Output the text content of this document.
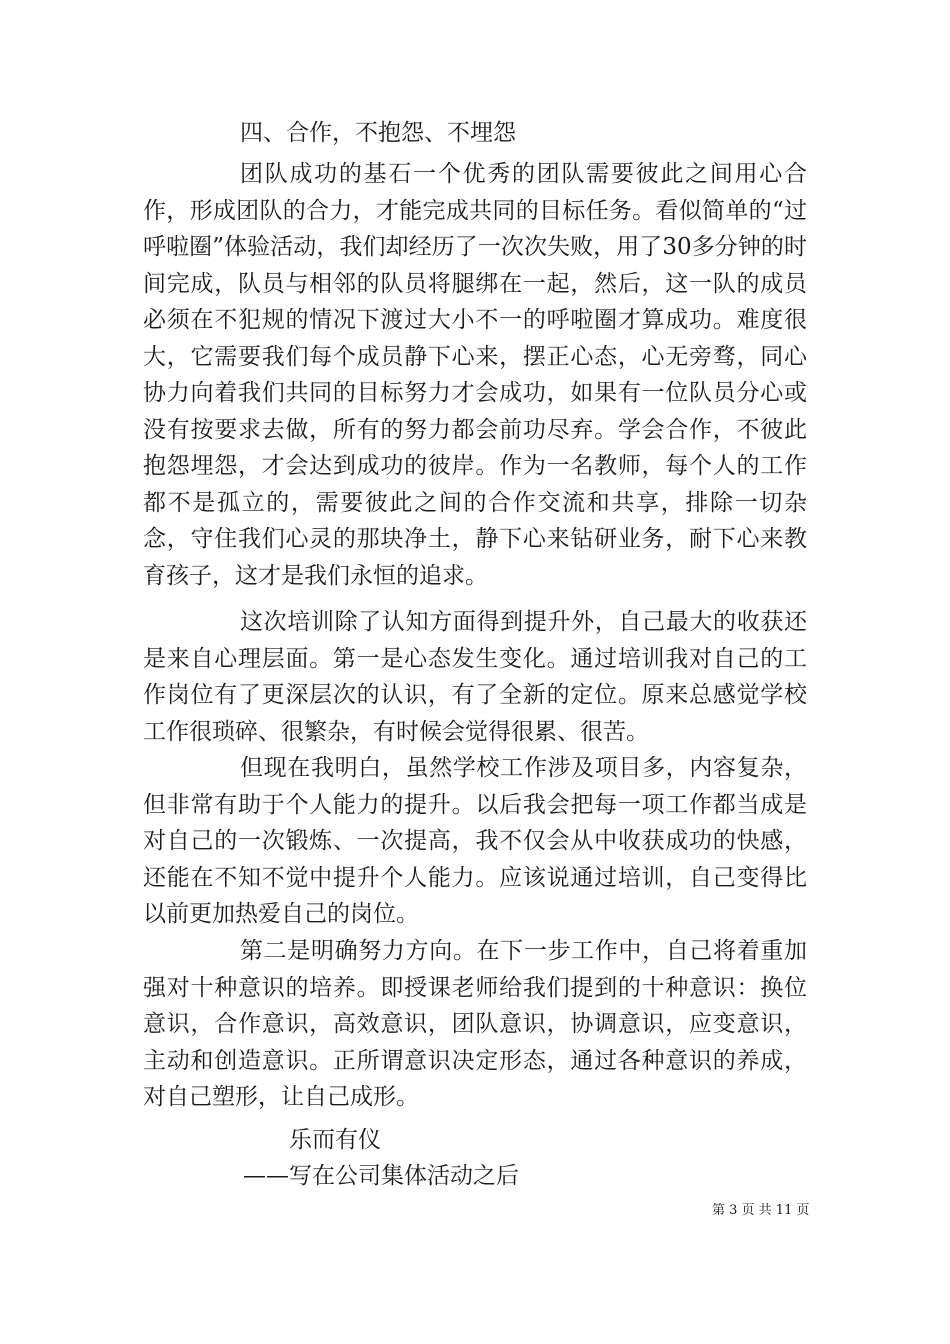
四、合作，不抱怨、不埋怨

团队成功的基石一个优秀的团队需要彼此之间用心合作，形成团队的合力，才能完成共同的目标任务。看似简单的“过呼啦圈”体验活动，我们却经历了一次次失败，用了30多分钟的时间完成，队员与相邻的队员将腿绑在一起，然后，这一队的成员必须在不犯规的情况下渡过大小不一的呼啦圈才算成功。难度很大，它需要我们每个成员静下心来，摆正心态，心无旁骛，同心协力向着我们共同的目标努力才会成功，如果有一位队员分心或没有按要求去做，所有的努力都会前功尽弃。学会合作，不彼此抱怨埋怨，才会达到成功的彼岸。作为一名教师，每个人的工作都不是孤立的，需要彼此之间的合作交流和共享，排除一切杂念，守住我们心灵的那块净土，静下心来钻研业务，耐下心来教育孩子，这才是我们永恒的追求。

这次培训除了认知方面得到提升外，自己最大的收获还是来自心理层面。第一是心态发生变化。通过培训我对自己的工作岗位有了更深层次的认识，有了全新的定位。原来总感觉学校工作很琐碎、很繁杂，有时候会觉得很累、很苦。

但现在我明白，虽然学校工作涉及项目多，内容复杂，但非常有助于个人能力的提升。以后我会把每一项工作都当成是对自己的一次锻炼、一次提高，我不仅会从中收获成功的快感，还能在不知不觉中提升个人能力。应该说通过培训，自己变得比以前更加热爱自己的岗位。

第二是明确努力方向。在下一步工作中，自己将着重加强对十种意识的培养。即授课老师给我们提到的十种意识：换位意识，合作意识，高效意识，团队意识，协调意识，应变意识，主动和创造意识。正所谓意识决定形态，通过各种意识的养成，对自己塑形，让自己成形。

乐而有仪
——写在公司集体活动之后
第 3 页 共 11 页
